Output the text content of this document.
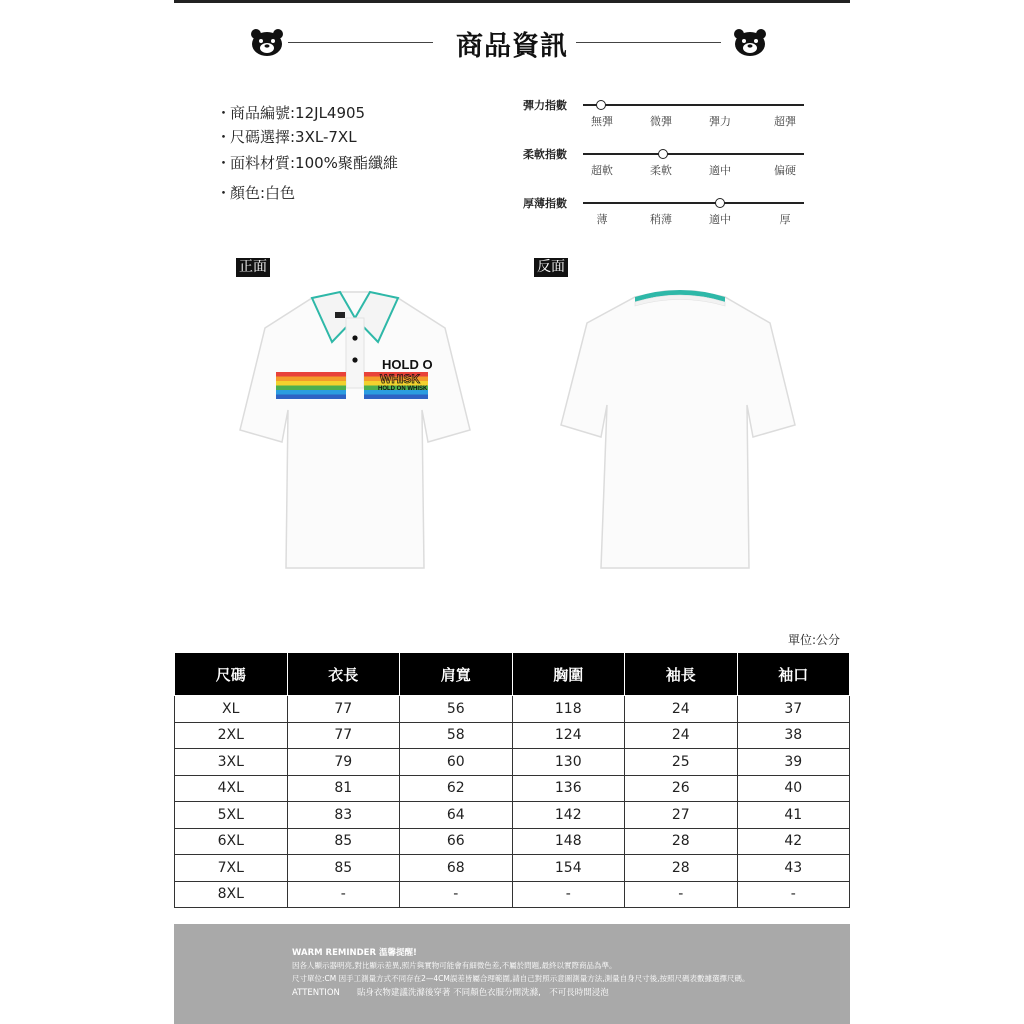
商品資訊
・商品編號:12JL4905
・尺碼選擇:3XL-7XL
・面料材質:100%聚酯纖維
・顏色:白色
彈力指數
無彈	微彈	彈力	超彈
柔軟指數
超軟	柔軟	適中	偏硬
厚薄指數
薄	稍薄	適中	厚
正面	反面
HOLD O
WHISK
HOLD ON WHISK
單位:公分
尺碼	衣長	肩寬	胸圍	袖長	袖口
XL	77	56	118	24	37
2XL	77	58	124	24	38
3XL	79	60	130	25	39
4XL	81	62	136	26	40
5XL	83	64	142	27	41
6XL	85	66	148	28	42
7XL	85	68	154	28	43
8XL	-	-	-	-	-
WARM REMINDER 溫馨提醒!
因各人顯示器明亮,對比顯示差異,照片與實物可能會有細微色差,不屬於問題,最終以實際商品為準。
尺寸單位:CM 因手工測量方式不同存在2—4CM誤差皆屬合理範圍,請自己對照示意圖測量方法,測量自身尺寸後,按照尺碼表數據選擇尺碼。
ATTENTION　　貼身衣物建議洗滌後穿著 不同顏色衣服分開洗滌,　不可長時間浸泡
